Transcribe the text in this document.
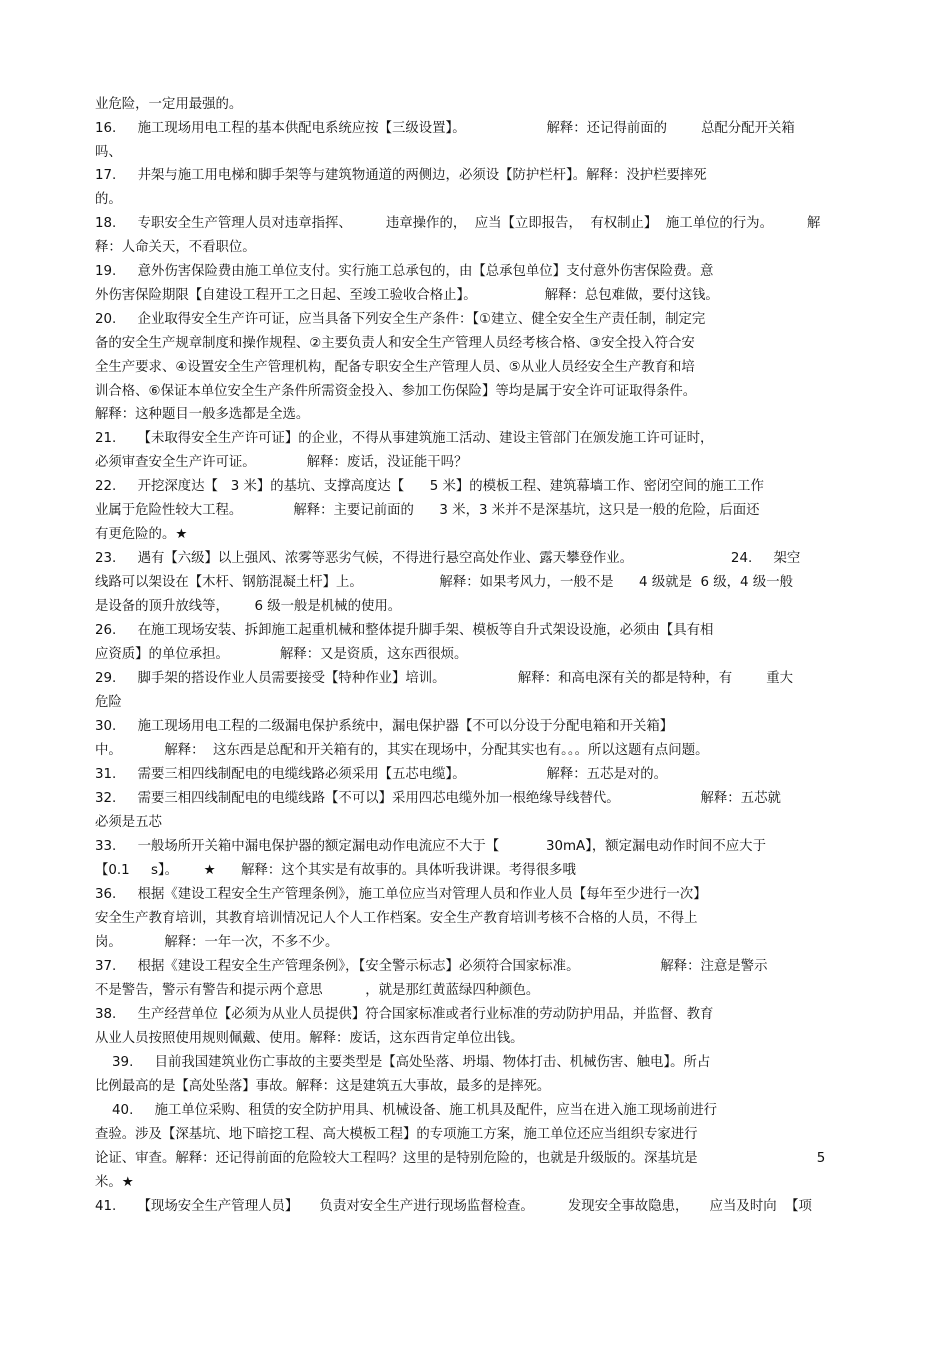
业危险，一定用最强的。
16.     施工现场用电工程的基本供配电系统应按【三级设置】。                   解释：还记得前面的        总配分配开关箱
吗、
17.     井架与施工用电梯和脚手架等与建筑物通道的两侧边，必须设【防护栏杆】。解释：没护栏要摔死
的。
18.     专职安全生产管理人员对违章指挥、        违章操作的，  应当【立即报告，  有权制止】  施工单位的行为。        解
释：人命关天，不看职位。
19.     意外伤害保险费由施工单位支付。实行施工总承包的，由【总承包单位】支付意外伤害保险费。意
外伤害保险期限【自建设工程开工之日起、至竣工验收合格止】。                解释：总包难做，要付这钱。
20.     企业取得安全生产许可证，应当具备下列安全生产条件：【①建立、健全安全生产责任制，制定完
备的安全生产规章制度和操作规程、②主要负责人和安全生产管理人员经考核合格、③安全投入符合安
全生产要求、④设置安全生产管理机构，配备专职安全生产管理人员、⑤从业人员经安全生产教育和培
训合格、⑥保证本单位安全生产条件所需资金投入、参加工伤保险】等均是属于安全许可证取得条件。
解释：这种题目一般多选都是全选。
21.     【未取得安全生产许可证】的企业，不得从事建筑施工活动、建设主管部门在颁发施工许可证时，
必须审查安全生产许可证。            解释：废话，没证能干吗？
22.     开挖深度达【   3 米】的基坑、支撑高度达【      5 米】的模板工程、建筑幕墙工作、密闭空间的施工工作
业属于危险性较大工程。            解释：主要记前面的      3 米，3 米并不是深基坑，这只是一般的危险，后面还
有更危险的。★
23.     遇有【六级】以上强风、浓雾等恶劣气候，不得进行悬空高处作业、露天攀登作业。                       24.     架空
线路可以架设在【木杆、钢筋混凝土杆】上。                  解释：如果考风力，一般不是      4 级就是  6 级，4 级一般
是设备的顶升放线等，      6 级一般是机械的使用。
26.     在施工现场安装、拆卸施工起重机械和整体提升脚手架、模板等自升式架设设施，必须由【具有相
应资质】的单位承担。            解释：又是资质，这东西很烦。
29.     脚手架的搭设作业人员需要接受【特种作业】培训。                 解释：和高电深有关的都是特种，有        重大
危险
30.     施工现场用电工程的二级漏电保护系统中，漏电保护器【不可以分设于分配电箱和开关箱】
中。          解释：  这东西是总配和开关箱有的，其实在现场中，分配其实也有。。。所以这题有点问题。
31.     需要三相四线制配电的电缆线路必须采用【五芯电缆】。                   解释：五芯是对的。
32.     需要三相四线制配电的电缆线路【不可以】采用四芯电缆外加一根绝缘导线替代。                   解释：五芯就
必须是五芯
33.     一般场所开关箱中漏电保护器的额定漏电动作电流应不大于【           30mA】，额定漏电动作时间不应大于
【0.1     s】。      ★      解释：这个其实是有故事的。具体听我讲课。考得很多哦
36.     根据《建设工程安全生产管理条例》，施工单位应当对管理人员和作业人员【每年至少进行一次】
安全生产教育培训，其教育培训情况记人个人工作档案。安全生产教育培训考核不合格的人员，不得上
岗。          解释：一年一次，不多不少。
37.     根据《建设工程安全生产管理条例》，【安全警示标志】必须符合国家标准。                   解释：注意是警示
不是警告，警示有警告和提示两个意思          ，就是那红黄蓝绿四种颜色。
38.     生产经营单位【必须为从业人员提供】符合国家标准或者行业标准的劳动防护用品，并监督、教育
从业人员按照使用规则佩戴、使用。解释：废话，这东西肯定单位出钱。
39.     目前我国建筑业伤亡事故的主要类型是【高处坠落、坍塌、物体打击、机械伤害、触电】。所占
比例最高的是【高处坠落】事故。解释：这是建筑五大事故，最多的是摔死。
40.     施工单位采购、租赁的安全防护用具、机械设备、施工机具及配件，应当在进入施工现场前进行
查验。涉及【深基坑、地下暗挖工程、高大模板工程】的专项施工方案，施工单位还应当组织专家进行
论证、审查。解释：还记得前面的危险较大工程吗？这里的是特别危险的，也就是升级版的。深基坑是                            5
米。★
41.     【现场安全生产管理人员】     负责对安全生产进行现场监督检查。        发现安全事故隐患，     应当及时向  【项
